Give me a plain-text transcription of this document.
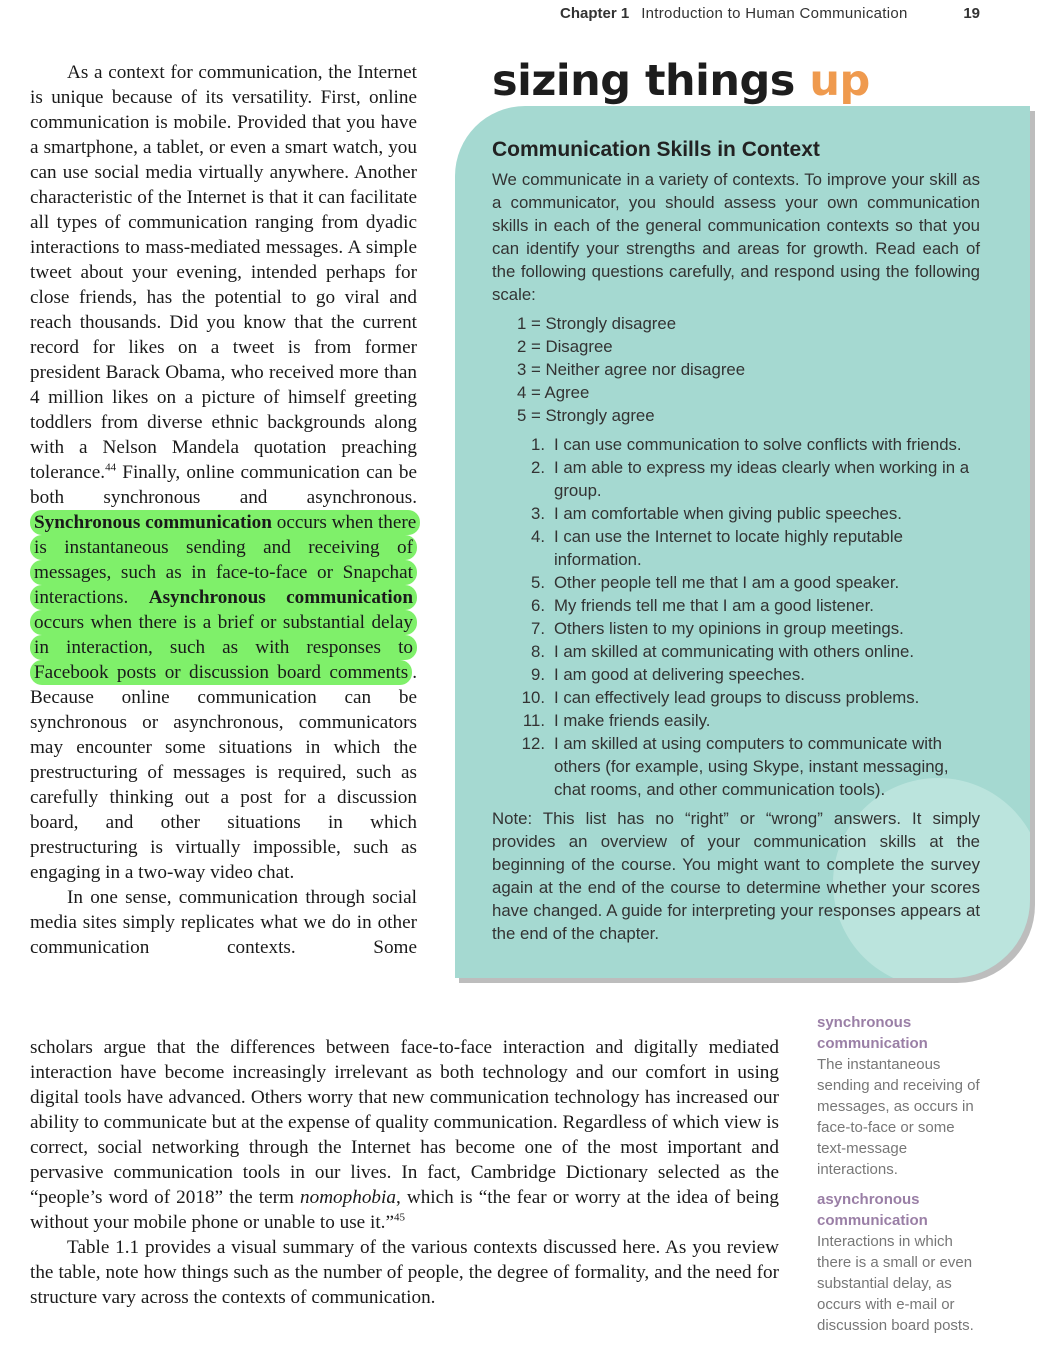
Chapter 1 Introduction to Human Communication	19

As a context for communication, the Internet is unique because of its versatility. First, online communication is mobile. Provided that you have a smartphone, a tablet, or even a smart watch, you can use social media virtually anywhere. Another characteristic of the Internet is that it can facilitate all types of communication ranging from dyadic interactions to mass-mediated messages. A simple tweet about your evening, intended perhaps for close friends, has the potential to go viral and reach thousands. Did you know that the current record for likes on a tweet is from former president Barack Obama, who received more than 4 million likes on a picture of himself greeting toddlers from diverse ethnic backgrounds along with a Nelson Mandela quotation preaching tolerance.$^{44}$ Finally, online communication can be both synchronous and asynchronous. Synchronous communication occurs when there is instantaneous sending and receiving of messages, such as in face-to-face or Snapchat interactions. Asynchronous communication occurs when there is a brief or substantial delay in interaction, such as with responses to Facebook posts or discussion board comments . Because online communication can be synchronous or asynchronous, communicators may encounter some situations in which the prestructuring of messages is required, such as carefully thinking out a post for a discussion board, and other situations in which prestructuring is virtually impossible, such as engaging in a two-way video chat.

In one sense, communication through social media sites simply replicates what we do in other communication contexts. Some

scholars argue that the differences between face-to-face interaction and digitally mediated interaction have become increasingly irrelevant as both technology and our comfort in using digital tools have advanced. Others worry that new communication technology has increased our ability to communicate but at the expense of quality communication. Regardless of which view is correct, social networking through the Internet has become one of the most important and pervasive communication tools in our lives. In fact, Cambridge Dictionary selected as the “people’s word of 2018” the term nomophobia, which is “the fear or worry at the idea of being without your mobile phone or unable to use it.”$^{45}$

Table 1.1 provides a visual summary of the various contexts discussed here. As you review the table, note how things such as the number of people, the degree of formality, and the need for structure vary across the contexts of communication.

sizing things up
Communication Skills in Context

We communicate in a variety of contexts. To improve your skill as a communicator, you should assess your own communication skills in each of the general communication contexts so that you can identify your strengths and areas for growth. Read each of the following questions carefully, and respond using the following scale:

1 = Strongly disagree
2 = Disagree
3 = Neither agree nor disagree
4 = Agree
5 = Strongly agree
1. I can use communication to solve conflicts with friends.
2. I am able to express my ideas clearly when working in a group.
3. I am comfortable when giving public speeches.
4. I can use the Internet to locate highly reputable information.
5. Other people tell me that I am a good speaker.
6. My friends tell me that I am a good listener.
7. Others listen to my opinions in group meetings.
8. I am skilled at communicating with others online.
9. I am good at delivering speeches.
10. I can effectively lead groups to discuss problems.
11. I make friends easily.
12. I am skilled at using computers to communicate with others (for example, using Skype, instant messaging, chat rooms, and other communication tools).

Note: This list has no “right” or “wrong” answers. It simply provides an overview of your communication skills at the beginning of the course. You might want to complete the survey again at the end of the course to determine whether your scores have changed. A guide for interpreting your responses appears at the end of the chapter.

synchronous communication
The instantaneous sending and receiving of messages, as occurs in face-to-face or some text-message interactions.
asynchronous communication
Interactions in which there is a small or even substantial delay, as occurs with e-mail or discussion board posts.
